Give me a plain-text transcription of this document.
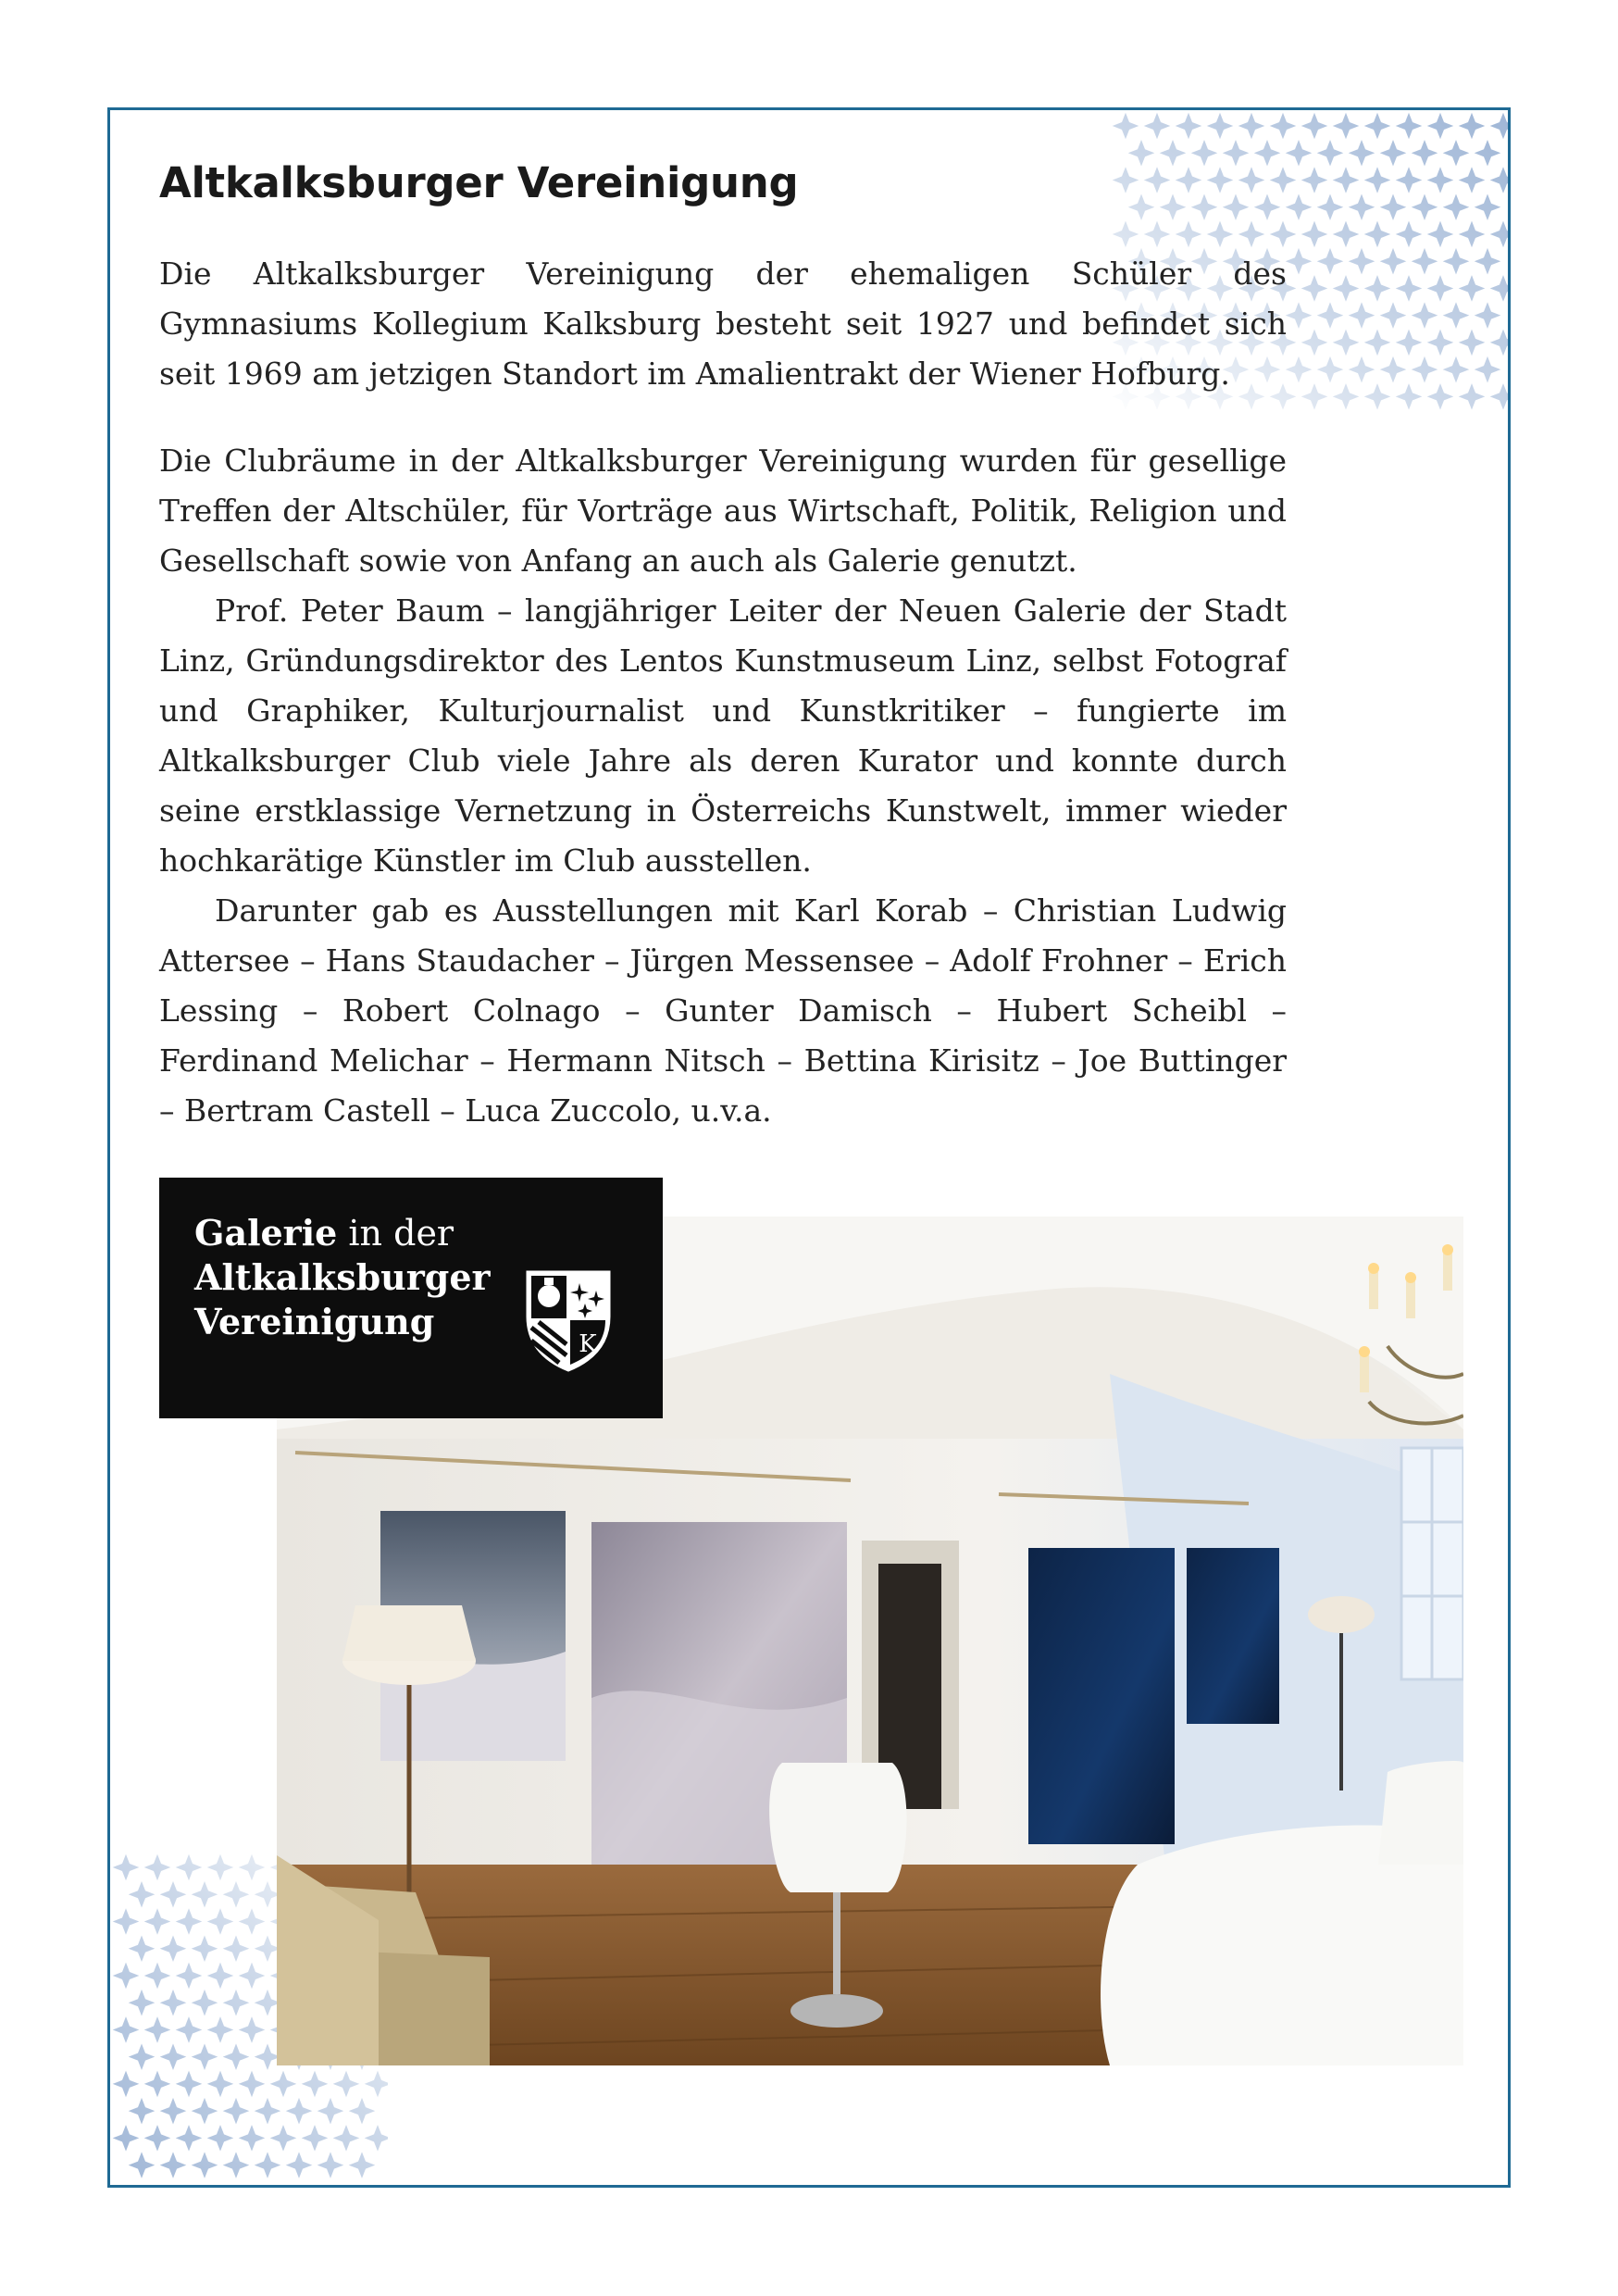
Altkalksburger Vereinigung

Die Altkalksburger Vereinigung der ehemaligen Schüler des Gymnasiums Kollegium Kalksburg besteht seit 1927 und befindet sich seit 1969 am jetzigen Standort im Amalientrakt der Wiener Hofburg.

Die Clubräume in der Altkalksburger Vereinigung wurden für gesellige Treffen der Altschüler, für Vorträge aus Wirtschaft, Politik, Religion und Gesellschaft sowie von Anfang an auch als Galerie genutzt.

Prof. Peter Baum – langjähriger Leiter der Neuen Galerie der Stadt Linz, Gründungsdirektor des Lentos Kunstmuseum Linz, selbst Fotograf und Graphiker, Kulturjournalist und Kunstkritiker – fungierte im Altkalksburger Club viele Jahre als deren Kurator und konnte durch seine erstklassige Vernetzung in Österreichs Kunstwelt, immer wieder hochkarätige Künstler im Club ausstellen.

Darunter gab es Ausstellungen mit Karl Korab – Christian Ludwig Attersee – Hans Staudacher – Jürgen Messensee – Adolf Frohner – Erich Lessing – Robert Colnago – Gunter Damisch – Hubert Scheibl – Ferdinand Melichar – Hermann Nitsch – Bettina Kirisitz – Joe Buttinger – Bertram Castell – Luca Zuccolo, u.v.a.

Galerie in der
Altkalksburger
Vereinigung
K
